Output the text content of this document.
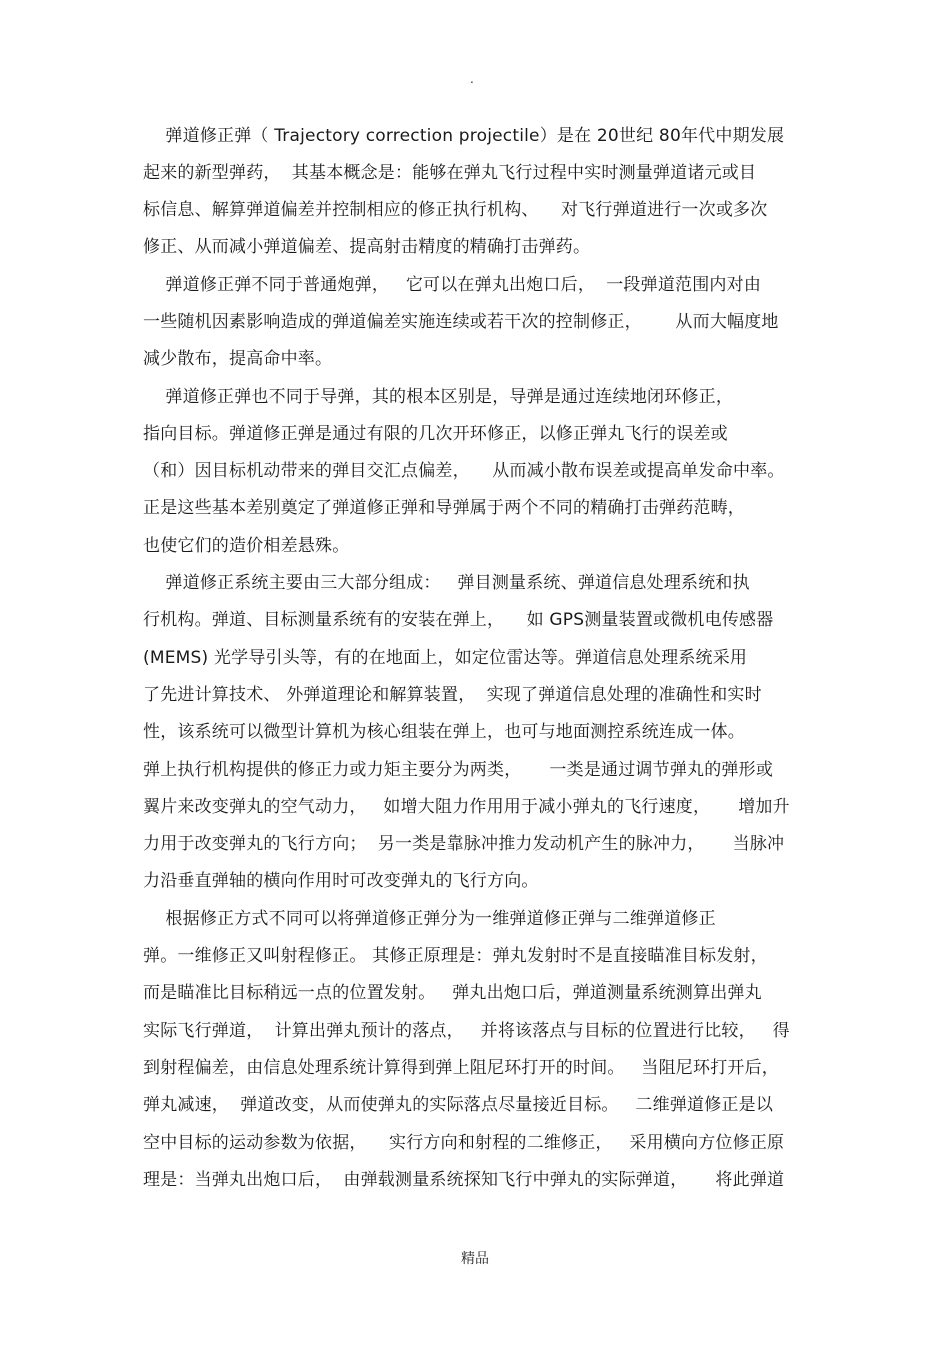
.
弹道修正弹（ Trajectory correction projectile）是在 20世纪 80年代中期发展
起来的新型弹药，  其基本概念是：能够在弹丸飞行过程中实时测量弹道诸元或目
标信息、解算弹道偏差并控制相应的修正执行机构、    对飞行弹道进行一次或多次
修正、从而减小弹道偏差、提高射击精度的精确打击弹药。
弹道修正弹不同于普通炮弹，   它可以在弹丸出炮口后，  一段弹道范围内对由
一些随机因素影响造成的弹道偏差实施连续或若干次的控制修正，      从而大幅度地
减少散布，提高命中率。
弹道修正弹也不同于导弹，其的根本区别是，导弹是通过连续地闭环修正，
指向目标。弹道修正弹是通过有限的几次开环修正，以修正弹丸飞行的误差或
（和）因目标机动带来的弹目交汇点偏差，    从而减小散布误差或提高单发命中率。
正是这些基本差别奠定了弹道修正弹和导弹属于两个不同的精确打击弹药范畴，
也使它们的造价相差悬殊。
弹道修正系统主要由三大部分组成：   弹目测量系统、弹道信息处理系统和执
行机构。弹道、目标测量系统有的安装在弹上，    如 GPS测量装置或微机电传感器
(MEMS) 光学导引头等，有的在地面上，如定位雷达等。弹道信息处理系统采用
了先进计算技术、 外弹道理论和解算装置，  实现了弹道信息处理的准确性和实时
性，该系统可以微型计算机为核心组装在弹上，也可与地面测控系统连成一体。
弹上执行机构提供的修正力或力矩主要分为两类，     一类是通过调节弹丸的弹形或
翼片来改变弹丸的空气动力，   如增大阻力作用用于减小弹丸的飞行速度，     增加升
力用于改变弹丸的飞行方向；  另一类是靠脉冲推力发动机产生的脉冲力，     当脉冲
力沿垂直弹轴的横向作用时可改变弹丸的飞行方向。
根据修正方式不同可以将弹道修正弹分为一维弹道修正弹与二维弹道修正
弹。一维修正又叫射程修正。 其修正原理是：弹丸发射时不是直接瞄准目标发射，
而是瞄准比目标稍远一点的位置发射。   弹丸出炮口后，弹道测量系统测算出弹丸
实际飞行弹道，  计算出弹丸预计的落点，   并将该落点与目标的位置进行比较，   得
到射程偏差，由信息处理系统计算得到弹上阻尼环打开的时间。   当阻尼环打开后，
弹丸减速，  弹道改变，从而使弹丸的实际落点尽量接近目标。   二维弹道修正是以
空中目标的运动参数为依据，    实行方向和射程的二维修正，   采用横向方位修正原
理是：当弹丸出炮口后，  由弹载测量系统探知飞行中弹丸的实际弹道，     将此弹道
精品
